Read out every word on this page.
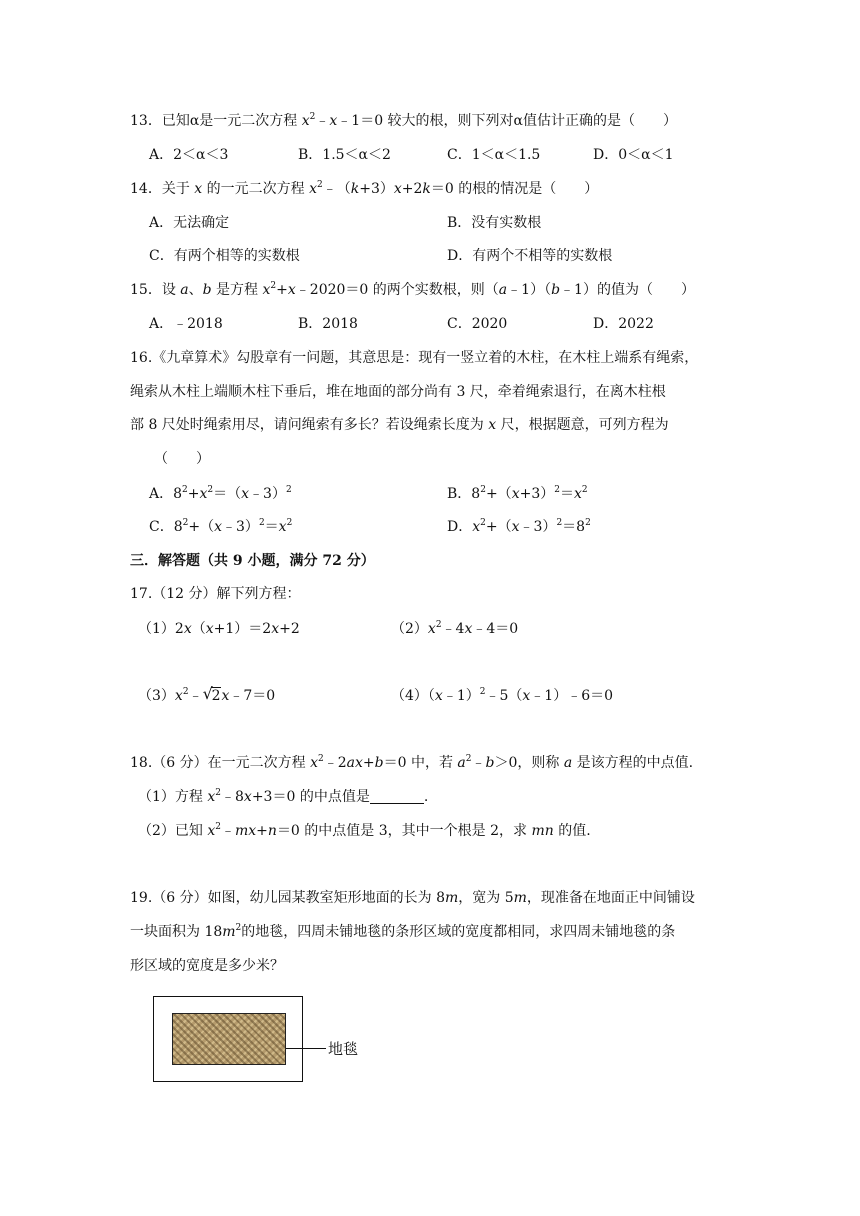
13．已知α是一元二次方程 $x^2﹣x﹣1=0$ 较大的根，则下列对α值估计正确的是（　　）
A．2＜α＜3	B．1.5＜α＜2	C．1＜α＜1.5	D．0＜α＜1
14．关于 x 的一元二次方程 $x^2﹣(k+3)x+2k=0$ 的根的情况是（　　）
A．无法确定	B．没有实数根
C．有两个相等的实数根	D．有两个不相等的实数根
15．设 a、b 是方程 $x^2+x﹣2020=0$ 的两个实数根，则（a﹣1）（b﹣1）的值为（　　）
A．﹣2018	B．2018	C．2020	D．2022
16.《九章算术》勾股章有一问题，其意思是：现有一竖立着的木柱，在木柱上端系有绳索，
绳索从木柱上端顺木柱下垂后，堆在地面的部分尚有 3 尺，牵着绳索退行，在离木柱根
部 8 尺处时绳索用尽，请问绳索有多长？若设绳索长度为 x 尺，根据题意，可列方程为
（　　）
A．$8^2+x^2=(x﹣3)^2$	B．$8^2+(x+3)^2=x^2$
C．$8^2+(x﹣3)^2=x^2$	D．$x^2+(x﹣3)^2=8^2$
三．解答题（共 9 小题，满分 72 分）
17.（12 分）解下列方程：
（1）2x（x+1）＝2x+2	$(2)x^2﹣4x﹣4=0$
$(3)x^2﹣$ √
2x﹣7＝0	（4）（x﹣1）$^2$﹣5（x﹣1）﹣6＝0
18.（6 分）在一元二次方程 $x^2﹣2ax+b=0$ 中，若 $a^2﹣b>0$，则称 a 是该方程的中点值.
（1）方程 $x^2﹣8x+3=0$ 的中点值是	.
（2）已知 $x^2﹣mx+n=0$ 的中点值是 3，其中一个根是 2，求 mn 的值.
19.（6 分）如图，幼儿园某教室矩形地面的长为 8m，宽为 5m，现准备在地面正中间铺设
一块面积为 $18m^2$的地毯，四周未铺地毯的条形区域的宽度都相同，求四周未铺地毯的条
形区域的宽度是多少米？
地毯
